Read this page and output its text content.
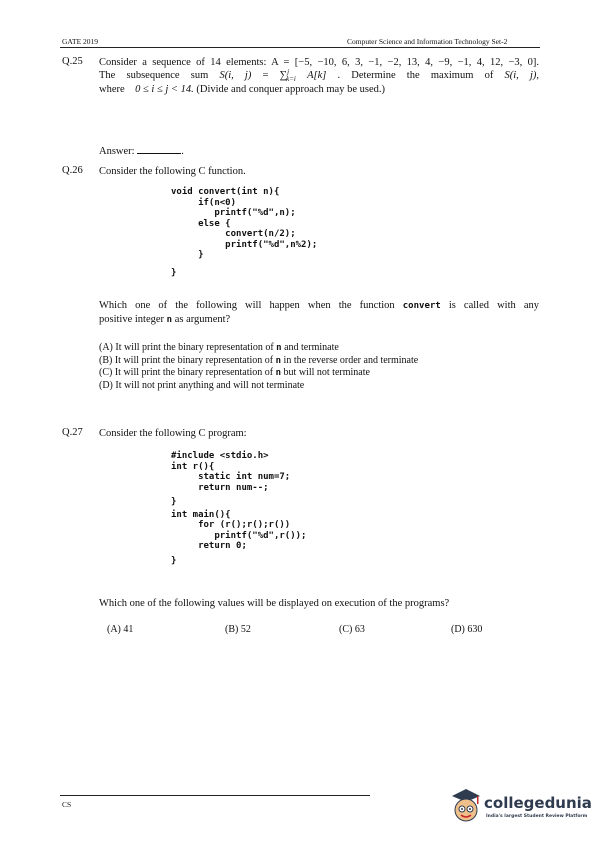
GATE 2019	Computer Science and Information Technology Set-2
Q.25 Consider a sequence of 14 elements: A = [−5, −10, 6, 3, −1, −2, 13, 4, −9, −1, 4, 12, −3, 0].
The subsequence sum S(i, j) = ∑$^j_{k=i}$ A[k] . Determine the maximum of S(i, j),
where 0 ≤ i ≤ j < 14. (Divide and conquer approach may be used.)
Answer:	.
Q.26 Consider the following C function.
void convert(int n){
if(n<0)
printf("%d",n);
else {
convert(n/2);
printf("%d",n%2);
}
}
Which one of the following will happen when the function convert is called with any
positive integer n as argument?
(A) It will print the binary representation of n and terminate
(B) It will print the binary representation of n in the reverse order and terminate
(C) It will print the binary representation of n but will not terminate
(D) It will not print anything and will not terminate
Q.27 Consider the following C program:
#include <stdio.h>
int r(){
static int num=7;
return num--;
}
int main(){
for (r();r();r())
printf("%d",r());
return 0;
}
Which one of the following values will be displayed on execution of the programs?
(A) 41	(B) 52	(C) 63	(D) 630
CS	collegedunia
India's largest Student Review Platform
